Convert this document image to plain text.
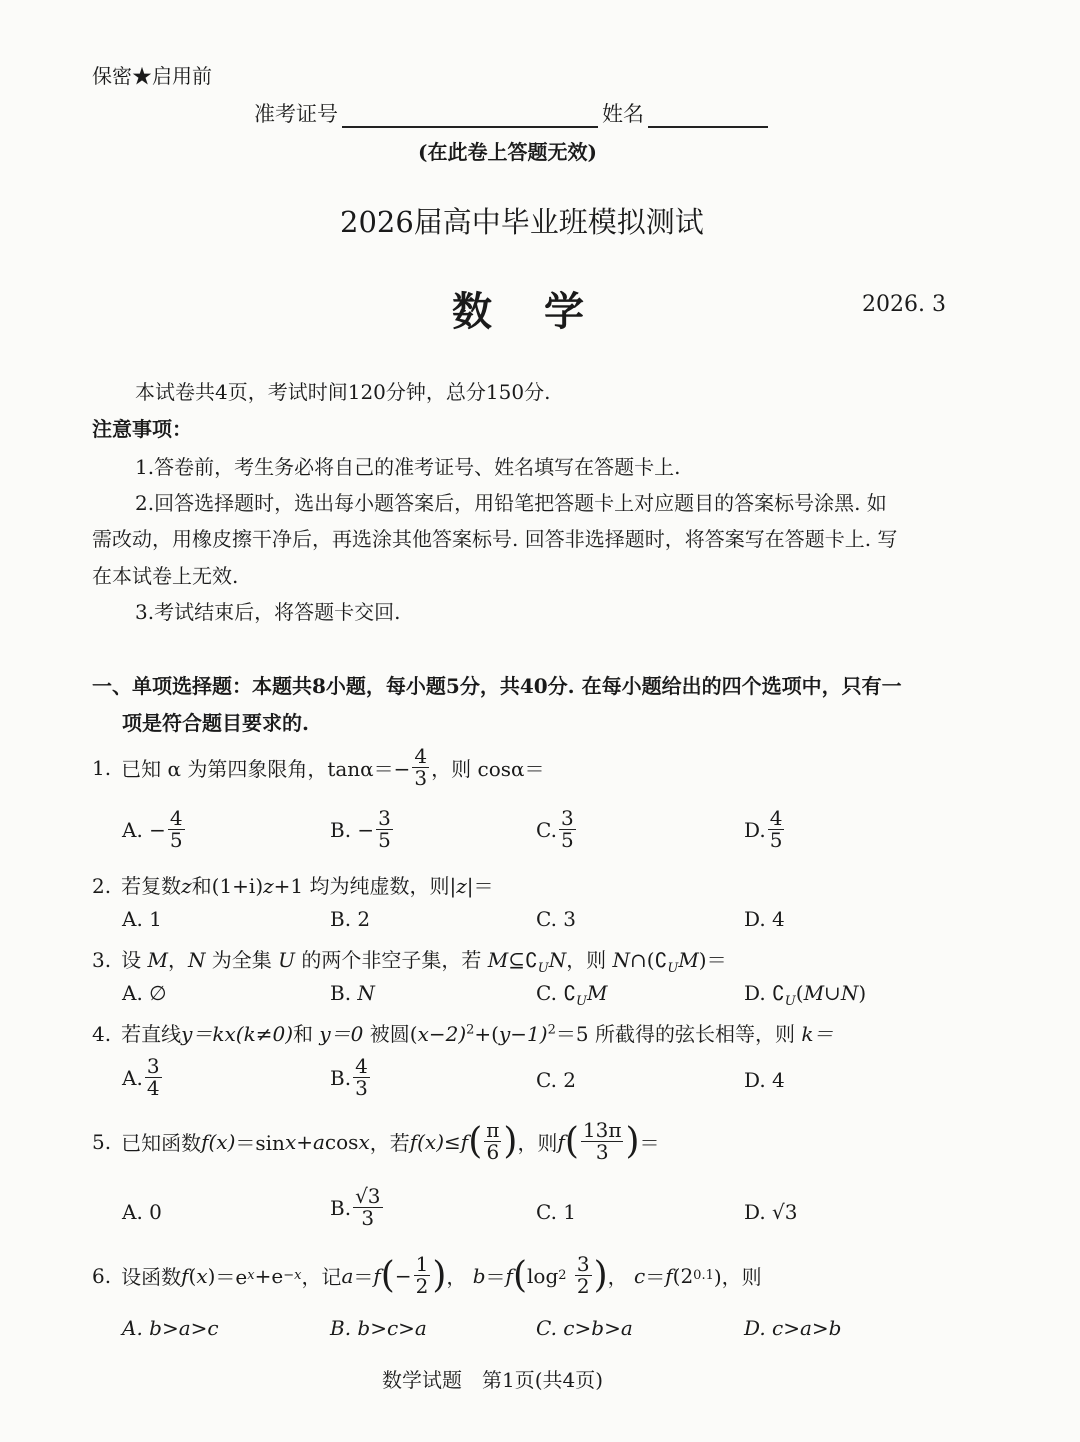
保密★启用前
准考证号	姓名
(在此卷上答题无效)
2026届高中毕业班模拟测试
数　学	2026. 3
本试卷共4页，考试时间120分钟，总分150分.
注意事项：
1.答卷前，考生务必将自己的准考证号、姓名填写在答题卡上.
2.回答选择题时，选出每小题答案后，用铅笔把答题卡上对应题目的答案标号涂黑. 如
需改动，用橡皮擦干净后，再选涂其他答案标号. 回答非选择题时，将答案写在答题卡上. 写
在本试卷上无效.
3.考试结束后，将答题卡交回.
一、单项选择题：本题共8小题，每小题5分，共40分. 在每小题给出的四个选项中，只有一
项是符合题目要求的.
1. 已知 α 为第四象限角，$\tan\alpha=- \frac{4}{3}$ ，则 cosα＝
A. − $\frac{4}{5}$	B. − $\frac{3}{5}$	C. $\frac{3}{5}$	D. $\frac{4}{5}$
2. 若复数z和(1+i)z+1 均为纯虚数，则|z|＝
A. 1	B. 2	C. 3	D. 4
3. 设 M，N 为全集 U 的两个非空子集，若 $M⊆∁_UN$，则 $N\cap(∁_UM)=$
A. ∅	B. N	C. $∁_UM$	D. $∁_U(M\cup N)$
4. 若直线y＝kx(k≠0)和 y＝0 被圆$(x-2)^2+(y-1)^2=5$ 所截得的弦长相等，则 k＝
A. $\frac{3}{4}$	B. $\frac{4}{3}$	C. 2	D. 4
5. 已知函数 f(x) ＝sin x + a cos x ，若 f(x) ≤ f ( $\frac{\pi}{6}$ ) ，则 f ( $\frac{13\pi}{3}$ ) ＝
A. 0	B. $\frac{√3}{3}$	C. 1	D. √3
6. 设函数 f ( x ) ＝e x +e −x ，记 a ＝ f ( − $\frac{1}{2}$ ) ，
b ＝ f ( log 2
$\frac{3}{2}$ ) ，
c ＝ f (2 0.1 )，则
A. b>a>c	B. b>c>a	C. c>b>a	D. c>a>b
数学试题　第1页(共4页)
